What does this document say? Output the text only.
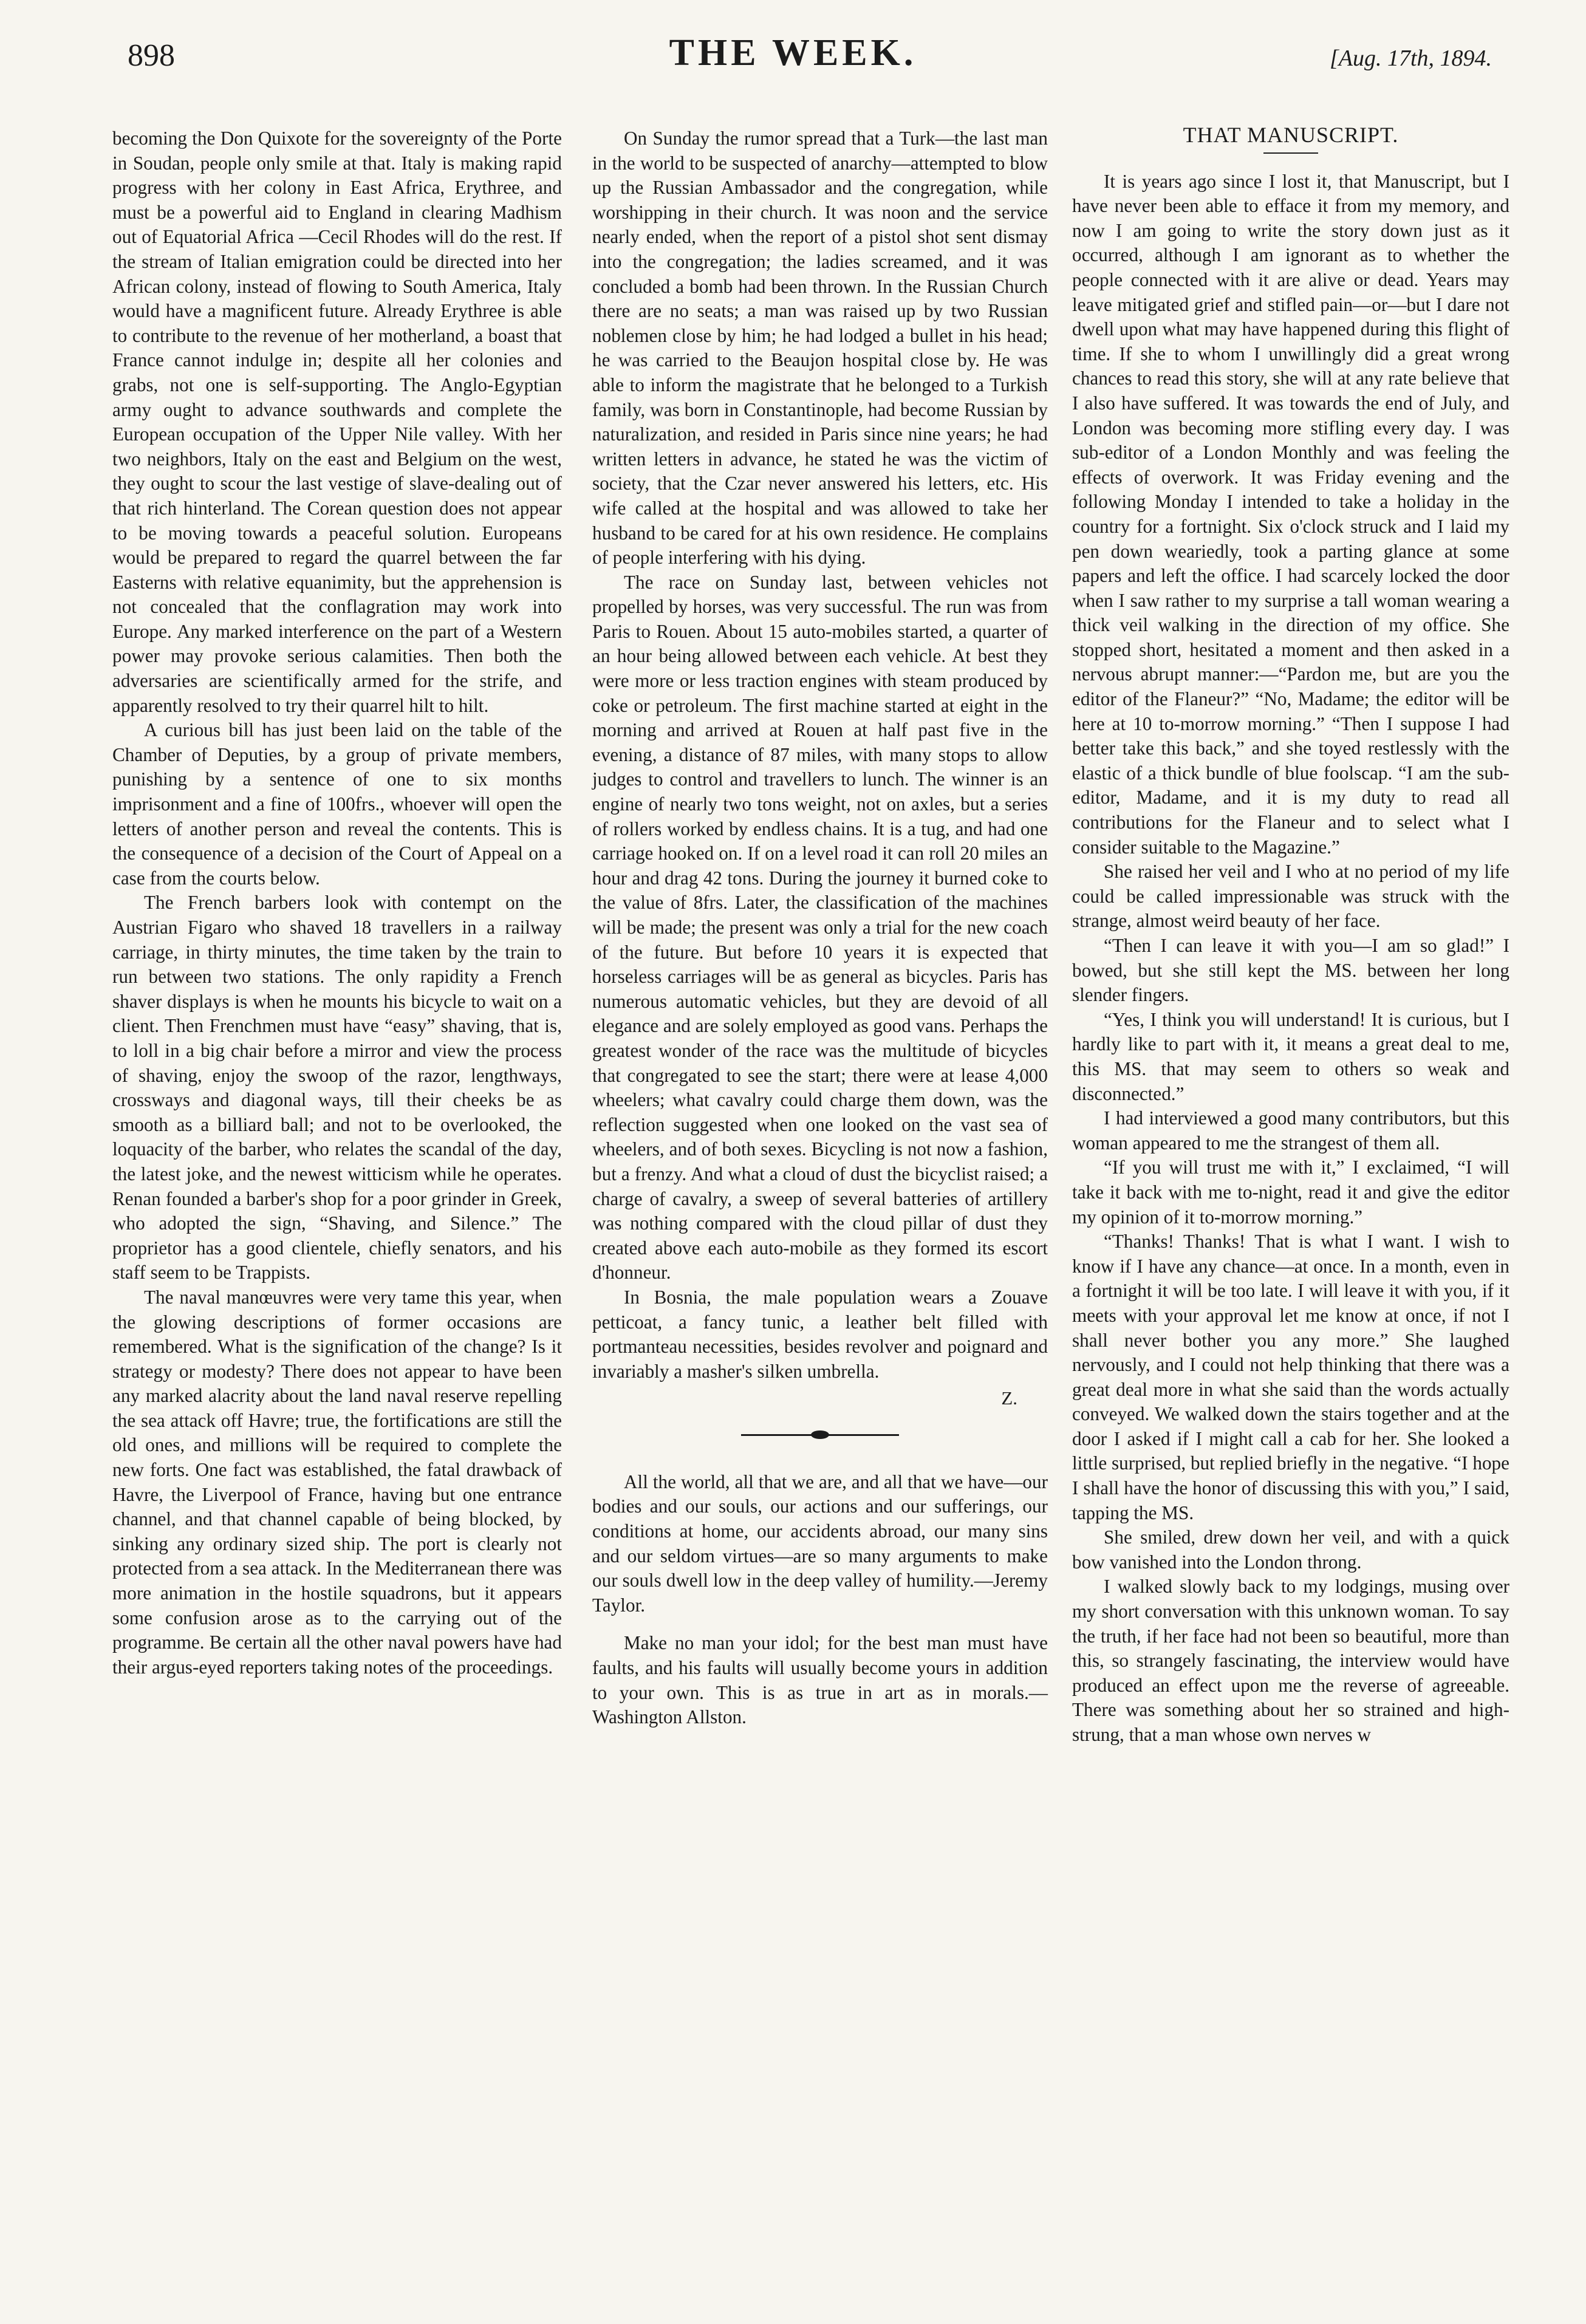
898	THE WEEK.	[Aug. 17th, 1894.

becoming the Don Quixote for the sovereignty of the Porte in Soudan, people only smile at that. Italy is making rapid progress with her colony in East Africa, Erythree, and must be a powerful aid to England in clearing Madhism out of Equatorial Africa —Cecil Rhodes will do the rest. If the stream of Italian emigration could be directed into her African colony, instead of flowing to South America, Italy would have a magnificent future. Already Erythree is able to contribute to the revenue of her motherland, a boast that France cannot indulge in; despite all her colonies and grabs, not one is self-supporting. The Anglo-Egyptian army ought to advance southwards and complete the European occupation of the Upper Nile valley. With her two neighbors, Italy on the east and Belgium on the west, they ought to scour the last vestige of slave-dealing out of that rich hinterland. The Corean question does not appear to be moving towards a peaceful solution. Europeans would be prepared to regard the quarrel between the far Easterns with relative equanimity, but the apprehension is not concealed that the conflagration may work into Europe. Any marked interference on the part of a Western power may provoke serious calamities. Then both the adversaries are scientifically armed for the strife, and apparently resolved to try their quarrel hilt to hilt.

A curious bill has just been laid on the table of the Chamber of Deputies, by a group of private members, punishing by a sentence of one to six months imprisonment and a fine of 100frs., whoever will open the letters of another person and reveal the contents. This is the consequence of a decision of the Court of Appeal on a case from the courts below.

The French barbers look with contempt on the Austrian Figaro who shaved 18 travellers in a railway carriage, in thirty minutes, the time taken by the train to run between two stations. The only rapidity a French shaver displays is when he mounts his bicycle to wait on a client. Then Frenchmen must have “easy” shaving, that is, to loll in a big chair before a mirror and view the process of shaving, enjoy the swoop of the razor, lengthways, crossways and diagonal ways, till their cheeks be as smooth as a billiard ball; and not to be overlooked, the loquacity of the barber, who relates the scandal of the day, the latest joke, and the newest witticism while he operates. Renan founded a barber's shop for a poor grinder in Greek, who adopted the sign, “Shaving, and Silence.” The proprietor has a good clientele, chiefly senators, and his staff seem to be Trappists.

The naval manœuvres were very tame this year, when the glowing descriptions of former occasions are remembered. What is the signification of the change? Is it strategy or modesty? There does not appear to have been any marked alacrity about the land naval reserve repelling the sea attack off Havre; true, the fortifications are still the old ones, and millions will be required to complete the new forts. One fact was established, the fatal drawback of Havre, the Liverpool of France, having but one entrance channel, and that channel capable of being blocked, by sinking any ordinary sized ship. The port is clearly not protected from a sea attack. In the Mediterranean there was more animation in the hostile squadrons, but it appears some confusion arose as to the carrying out of the programme. Be certain all the other naval powers have had their argus-eyed reporters taking notes of the proceedings.

On Sunday the rumor spread that a Turk—the last man in the world to be suspected of anarchy—attempted to blow up the Russian Ambassador and the congregation, while worshipping in their church. It was noon and the service nearly ended, when the report of a pistol shot sent dismay into the congregation; the ladies screamed, and it was concluded a bomb had been thrown. In the Russian Church there are no seats; a man was raised up by two Russian noblemen close by him; he had lodged a bullet in his head; he was carried to the Beaujon hospital close by. He was able to inform the magistrate that he belonged to a Turkish family, was born in Constantinople, had become Russian by naturalization, and resided in Paris since nine years; he had written letters in advance, he stated he was the victim of society, that the Czar never answered his letters, etc. His wife called at the hospital and was allowed to take her husband to be cared for at his own residence. He complains of people interfering with his dying.

The race on Sunday last, between vehicles not propelled by horses, was very successful. The run was from Paris to Rouen. About 15 auto-mobiles started, a quarter of an hour being allowed between each vehicle. At best they were more or less traction engines with steam produced by coke or petroleum. The first machine started at eight in the morning and arrived at Rouen at half past five in the evening, a distance of 87 miles, with many stops to allow judges to control and travellers to lunch. The winner is an engine of nearly two tons weight, not on axles, but a series of rollers worked by endless chains. It is a tug, and had one carriage hooked on. If on a level road it can roll 20 miles an hour and drag 42 tons. During the journey it burned coke to the value of 8frs. Later, the classification of the machines will be made; the present was only a trial for the new coach of the future. But before 10 years it is expected that horseless carriages will be as general as bicycles. Paris has numerous automatic vehicles, but they are devoid of all elegance and are solely employed as good vans. Perhaps the greatest wonder of the race was the multitude of bicycles that congregated to see the start; there were at lease 4,000 wheelers; what cavalry could charge them down, was the reflection suggested when one looked on the vast sea of wheelers, and of both sexes. Bicycling is not now a fashion, but a frenzy. And what a cloud of dust the bicyclist raised; a charge of cavalry, a sweep of several batteries of artillery was nothing compared with the cloud pillar of dust they created above each auto-mobile as they formed its escort d'honneur.

In Bosnia, the male population wears a Zouave petticoat, a fancy tunic, a leather belt filled with portmanteau necessities, besides revolver and poignard and invariably a masher's silken umbrella.

Z.

All the world, all that we are, and all that we have—our bodies and our souls, our actions and our sufferings, our conditions at home, our accidents abroad, our many sins and our seldom virtues—are so many arguments to make our souls dwell low in the deep valley of humility.—Jeremy Taylor.

Make no man your idol; for the best man must have faults, and his faults will usually become yours in addition to your own. This is as true in art as in morals.—Washington Allston.

THAT MANUSCRIPT.

It is years ago since I lost it, that Manuscript, but I have never been able to efface it from my memory, and now I am going to write the story down just as it occurred, although I am ignorant as to whether the people connected with it are alive or dead. Years may leave mitigated grief and stifled pain—or—but I dare not dwell upon what may have happened during this flight of time. If she to whom I unwillingly did a great wrong chances to read this story, she will at any rate believe that I also have suffered. It was towards the end of July, and London was becoming more stifling every day. I was sub-editor of a London Monthly and was feeling the effects of overwork. It was Friday evening and the following Monday I intended to take a holiday in the country for a fortnight. Six o'clock struck and I laid my pen down weariedly, took a parting glance at some papers and left the office. I had scarcely locked the door when I saw rather to my surprise a tall woman wearing a thick veil walking in the direction of my office. She stopped short, hesitated a moment and then asked in a nervous abrupt manner:—“Pardon me, but are you the editor of the Flaneur?” “No, Madame; the editor will be here at 10 to-morrow morning.” “Then I suppose I had better take this back,” and she toyed restlessly with the elastic of a thick bundle of blue foolscap. “I am the sub-editor, Madame, and it is my duty to read all contributions for the Flaneur and to select what I consider suitable to the Magazine.”

She raised her veil and I who at no period of my life could be called impressionable was struck with the strange, almost weird beauty of her face.

“Then I can leave it with you—I am so glad!” I bowed, but she still kept the MS. between her long slender fingers.

“Yes, I think you will understand! It is curious, but I hardly like to part with it, it means a great deal to me, this MS. that may seem to others so weak and disconnected.”

I had interviewed a good many contributors, but this woman appeared to me the strangest of them all.

“If you will trust me with it,” I exclaimed, “I will take it back with me to-night, read it and give the editor my opinion of it to-morrow morning.”

“Thanks! Thanks! That is what I want. I wish to know if I have any chance—at once. In a month, even in a fortnight it will be too late. I will leave it with you, if it meets with your approval let me know at once, if not I shall never bother you any more.” She laughed nervously, and I could not help thinking that there was a great deal more in what she said than the words actually conveyed. We walked down the stairs together and at the door I asked if I might call a cab for her. She looked a little surprised, but replied briefly in the negative. “I hope I shall have the honor of discussing this with you,” I said, tapping the MS.

She smiled, drew down her veil, and with a quick bow vanished into the London throng.

I walked slowly back to my lodgings, musing over my short conversation with this unknown woman. To say the truth, if her face had not been so beautiful, more than this, so strangely fascinating, the interview would have produced an effect upon me the reverse of agreeable. There was something about her so strained and high-strung, that a man whose own nerves w
